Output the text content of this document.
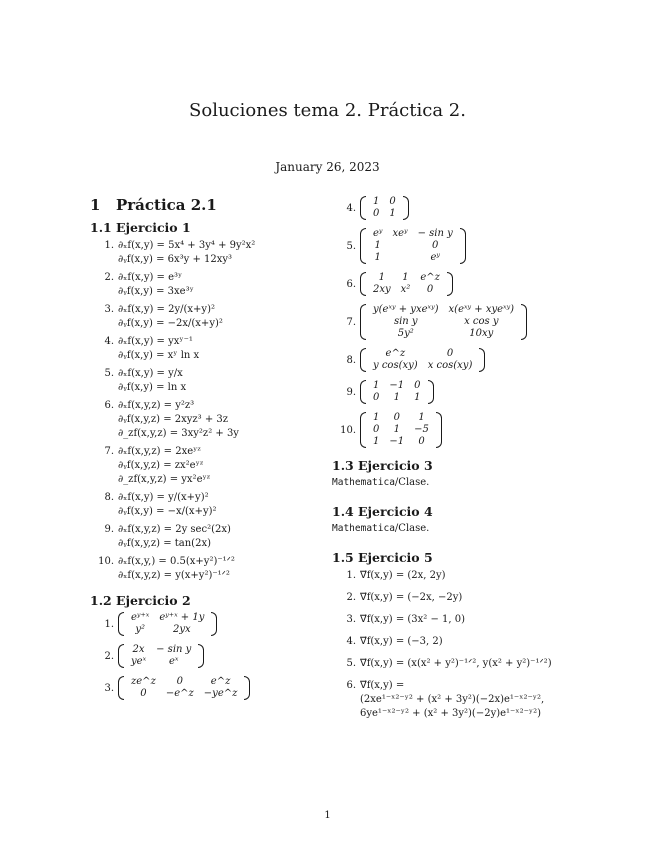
Soluciones tema 2. Práctica 2.
January 26, 2023
1 Práctica 2.1
1.1 Ejercicio 1
1. ∂ₓf(x,y) = 5x⁴ + 3y⁴ + 9y²x²
∂ᵧf(x,y) = 6x³y + 12xy³
2. ∂ₓf(x,y) = e³ʸ
∂ᵧf(x,y) = 3xe³ʸ
3. ∂ₓf(x,y) = 2y/(x+y)²
∂ᵧf(x,y) = −2x/(x+y)²
4. ∂ₓf(x,y) = yxʸ⁻¹
∂ᵧf(x,y) = xʸ ln x
5. ∂ₓf(x,y) = y/x
∂ᵧf(x,y) = ln x
6. ∂ₓf(x,y,z) = y²z³
∂ᵧf(x,y,z) = 2xyz³ + 3z
∂_zf(x,y,z) = 3xy²z² + 3y
7. ∂ₓf(x,y,z) = 2xeʸᶻ
∂ᵧf(x,y,z) = zx²eʸᶻ
∂_zf(x,y,z) = yx²eʸᶻ
8. ∂ₓf(x,y) = y/(x+y)²
∂ᵧf(x,y) = −x/(x+y)²
9. ∂ₓf(x,y,z) = 2y sec²(2x)
∂ᵧf(x,y,z) = tan(2x)
10. ∂ₓf(x,y,) = 0.5(x+y²)⁻¹ᐟ²
∂ₓf(x,y,z) = y(x+y²)⁻¹ᐟ²
1.2 Ejercicio 2
1.
eʸ⁺ˣ	eʸ⁺ˣ + 1y
y²	2yx
2.
2x	− sin y
yeˣ	eˣ
3.
ze^z	0	e^z
0	−e^z	−ye^z
4.
1	0
0	1
5.
eʸ	xeʸ	− sin y
1		0
1		eʸ
6.
1	1	e^z
2xy	x²	0
7.
y(eˣʸ + yxeˣʸ)	x(eˣʸ + xyeˣʸ)
sin y	x cos y
5y²	10xy
8.
e^z	0
y cos(xy)	x cos(xy)
9.
1	−1	0
0	1	1
10.
1	0	1
0	1	−5
1	−1	0
1.3 Ejercicio 3
Mathematica/Clase.
1.4 Ejercicio 4
Mathematica/Clase.
1.5 Ejercicio 5
1. ∇⃗f(x,y) = (2x, 2y)
2. ∇⃗f(x,y) = (−2x, −2y)
3. ∇⃗f(x,y) = (3x² − 1, 0)
4. ∇⃗f(x,y) = (−3, 2)
5. ∇⃗f(x,y) = (x(x² + y²)⁻¹ᐟ², y(x² + y²)⁻¹ᐟ²)
6. ∇⃗f(x,y) =
(2xe¹⁻ˣ²⁻ʸ² + (x² + 3y²)(−2x)e¹⁻ˣ²⁻ʸ²,
6ye¹⁻ˣ²⁻ʸ² + (x² + 3y²)(−2y)e¹⁻ˣ²⁻ʸ²)
1
